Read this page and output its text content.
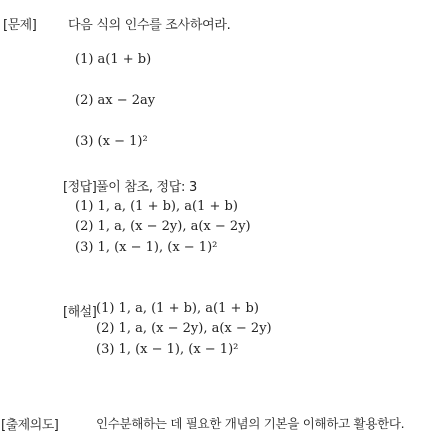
[문제] 다음 식의 인수를 조사하여라.
(1) a(1 + b)
(2) ax − 2ay
(3) (x − 1)²
[정답] 풀이 참조, 정답: 3
(1) 1, a, (1 + b), a(1 + b)
(2) 1, a, (x − 2y), a(x − 2y)
(3) 1, (x − 1), (x − 1)²
[해설] (1) 1, a, (1 + b), a(1 + b)
(2) 1, a, (x − 2y), a(x − 2y)
(3) 1, (x − 1), (x − 1)²
[출제의도]	인수분해하는 데 필요한 개념의 기본을 이해하고 활용한다.
